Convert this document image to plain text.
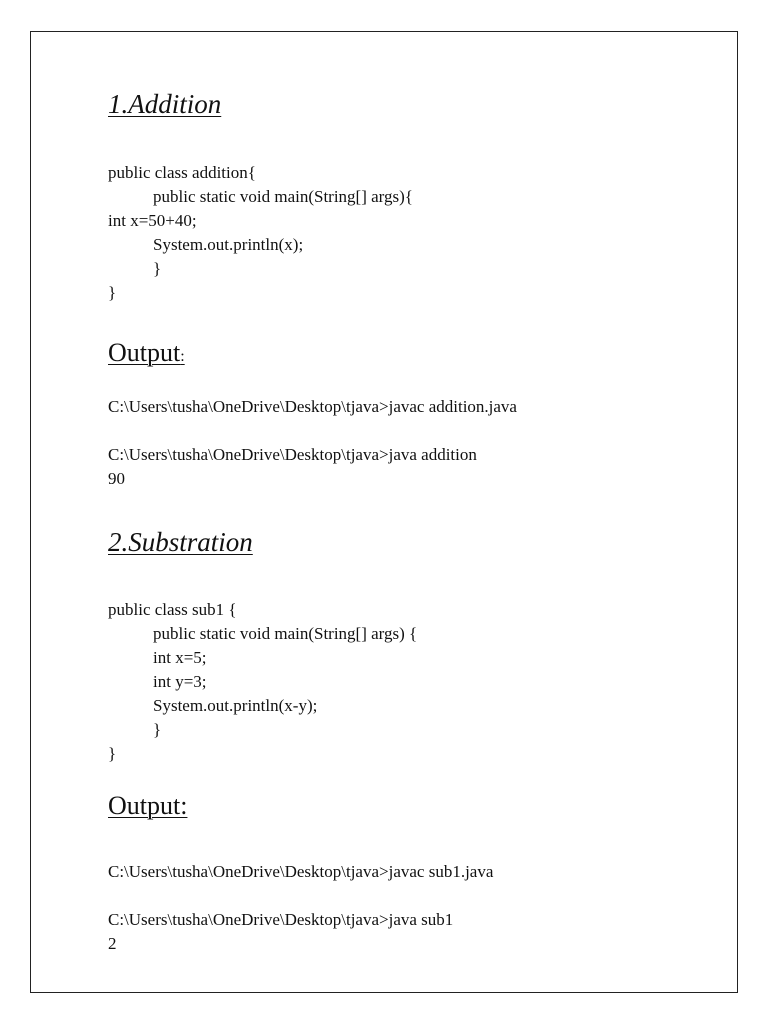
1.Addition
public class addition{
public static void main(String[] args){
int x=50+40;
System.out.println(x);
}
}
Output:
C:\Users\tusha\OneDrive\Desktop\tjava>javac addition.java
C:\Users\tusha\OneDrive\Desktop\tjava>java addition
90
2.Substration
public class sub1 {
public static void main(String[] args) {
int x=5;
int y=3;
System.out.println(x-y);
}
}
Output:
C:\Users\tusha\OneDrive\Desktop\tjava>javac sub1.java
C:\Users\tusha\OneDrive\Desktop\tjava>java sub1
2
